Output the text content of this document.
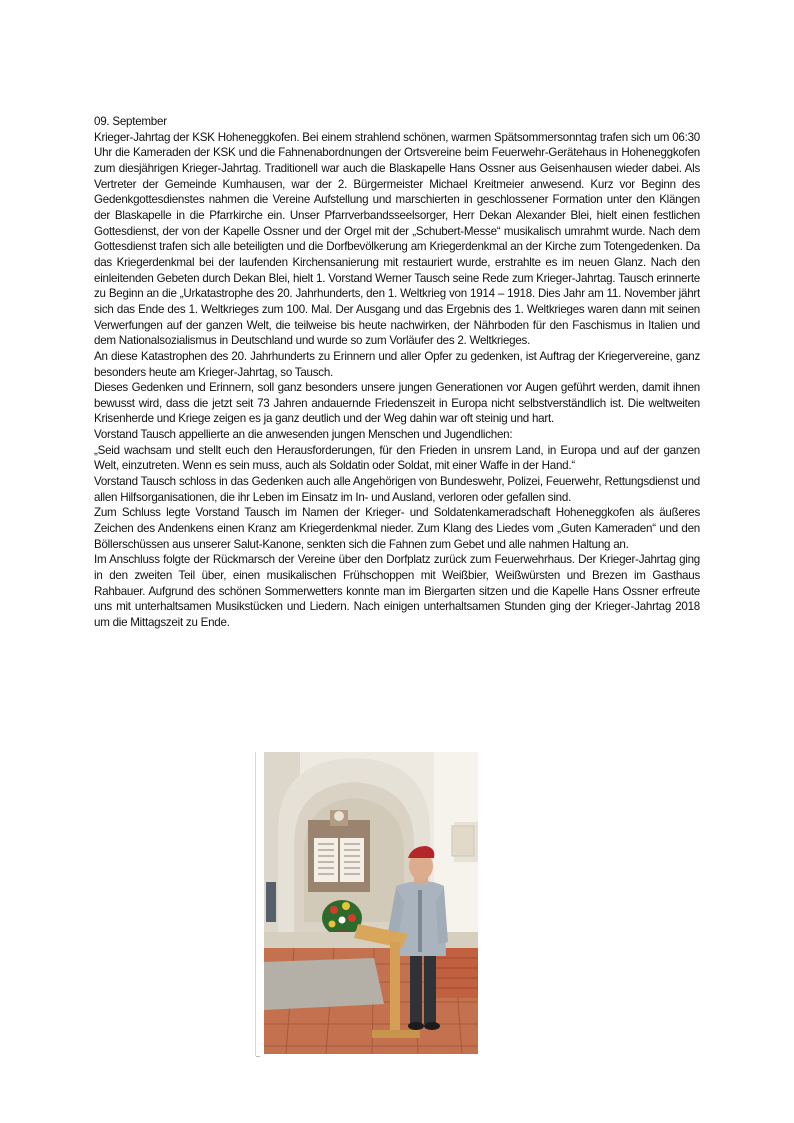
09. September

Krieger-Jahrtag der KSK Hoheneggkofen. Bei einem strahlend schönen, warmen Spätsommersonntag trafen sich um 06:30 Uhr die Kameraden der KSK und die Fahnenabordnungen der Ortsvereine beim Feuerwehr-Gerätehaus in Hoheneggkofen zum diesjährigen Krieger-Jahrtag. Traditionell war auch die Blaskapelle Hans Ossner aus Geisenhausen wieder dabei. Als Vertreter der Gemeinde Kumhausen, war der 2. Bürgermeister Michael Kreitmeier anwesend. Kurz vor Beginn des Gedenkgottesdienstes nahmen die Vereine Aufstellung und marschierten in geschlossener Formation unter den Klängen der Blaskapelle in die Pfarrkirche ein. Unser Pfarrverbandsseelsorger, Herr Dekan Alexander Blei, hielt einen festlichen Gottesdienst, der von der Kapelle Ossner und der Orgel mit der „Schubert-Messe“ musikalisch umrahmt wurde. Nach dem Gottesdienst trafen sich alle beteiligten und die Dorfbevölkerung am Kriegerdenkmal an der Kirche zum Totengedenken. Da das Kriegerdenkmal bei der laufenden Kirchensanierung mit restauriert wurde, erstrahlte es im neuen Glanz. Nach den einleitenden Gebeten durch Dekan Blei, hielt 1. Vorstand Werner Tausch seine Rede zum Krieger-Jahrtag. Tausch erinnerte zu Beginn an die „Urkatastrophe des 20. Jahrhunderts, den 1. Weltkrieg von 1914 – 1918. Dies Jahr am 11. November jährt sich das Ende des 1. Weltkrieges zum 100. Mal. Der Ausgang und das Ergebnis des 1. Weltkrieges waren dann mit seinen Verwerfungen auf der ganzen Welt, die teilweise bis heute nachwirken, der Nährboden für den Faschismus in Italien und dem Nationalsozialismus in Deutschland und wurde so zum Vorläufer des 2. Weltkrieges.

An diese Katastrophen des 20. Jahrhunderts zu Erinnern und aller Opfer zu gedenken, ist Auftrag der Kriegervereine, ganz besonders heute am Krieger-Jahrtag, so Tausch.

Dieses Gedenken und Erinnern, soll ganz besonders unsere jungen Generationen vor Augen geführt werden, damit ihnen bewusst wird, dass die jetzt seit 73 Jahren andauernde Friedenszeit in Europa nicht selbstverständlich ist. Die weltweiten Krisenherde und Kriege zeigen es ja ganz deutlich und der Weg dahin war oft steinig und hart.

Vorstand Tausch appellierte an die anwesenden jungen Menschen und Jugendlichen:

„Seid wachsam und stellt euch den Herausforderungen, für den Frieden in unsrem Land, in Europa und auf der ganzen Welt, einzutreten. Wenn es sein muss, auch als Soldatin oder Soldat, mit einer Waffe in der Hand.“

Vorstand Tausch schloss in das Gedenken auch alle Angehörigen von Bundeswehr, Polizei, Feuerwehr, Rettungsdienst und allen Hilfsorganisationen, die ihr Leben im Einsatz im In- und Ausland, verloren oder gefallen sind.

Zum Schluss legte Vorstand Tausch im Namen der Krieger- und Soldatenkameradschaft Hoheneggkofen als äußeres Zeichen des Andenkens einen Kranz am Kriegerdenkmal nieder. Zum Klang des Liedes vom „Guten Kameraden“ und den Böllerschüssen aus unserer Salut-Kanone, senkten sich die Fahnen zum Gebet und alle nahmen Haltung an.

Im Anschluss folgte der Rückmarsch der Vereine über den Dorfplatz zurück zum Feuerwehrhaus. Der Krieger-Jahrtag ging in den zweiten Teil über, einen musikalischen Frühschoppen mit Weißbier, Weißwürsten und Brezen im Gasthaus Rahbauer. Aufgrund des schönen Sommerwetters konnte man im Biergarten sitzen und die Kapelle Hans Ossner erfreute uns mit unterhaltsamen Musikstücken und Liedern. Nach einigen unterhaltsamen Stunden ging der Krieger-Jahrtag 2018 um die Mittagszeit zu Ende.
